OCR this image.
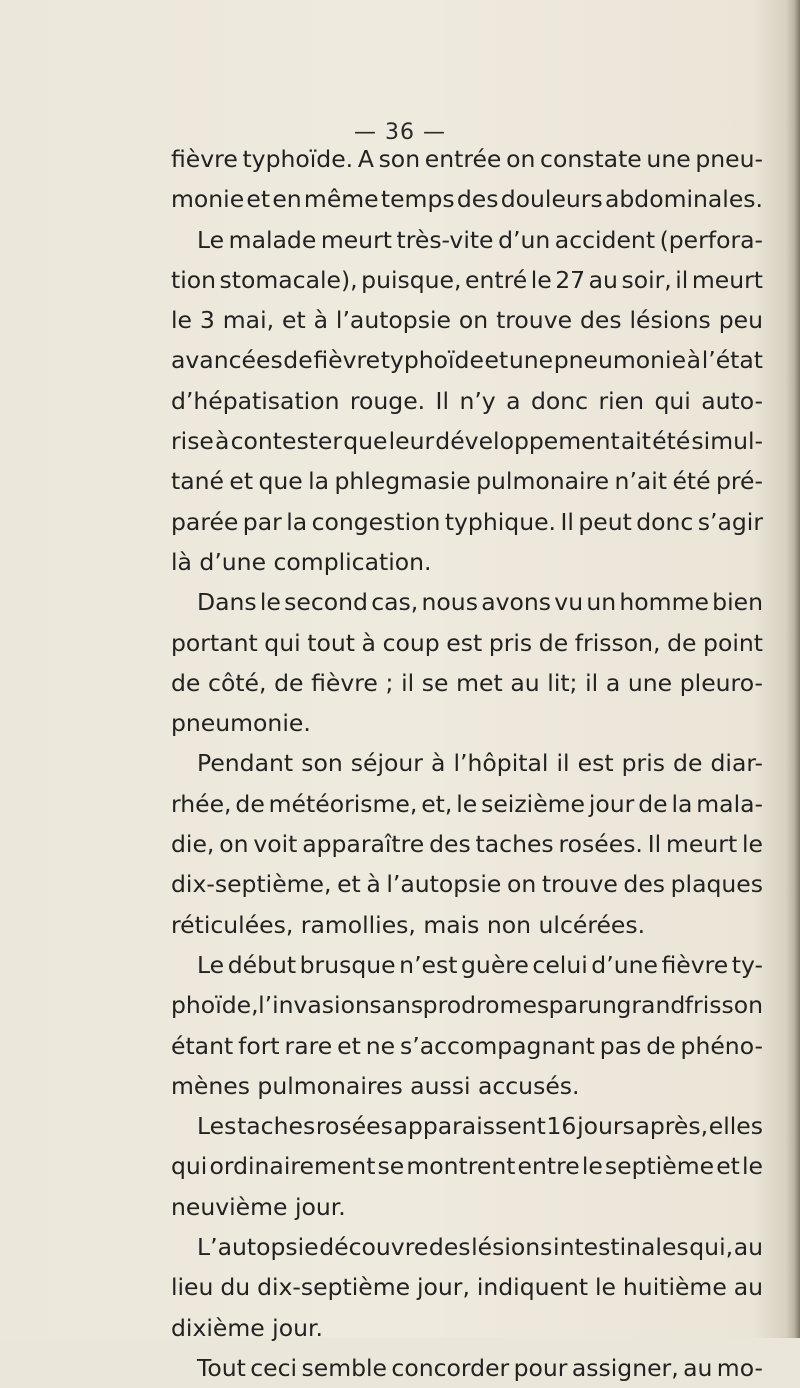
— 36 —
fièvre typhoïde. A son entrée on constate une pneu-
monie et en même temps des douleurs abdominales.
Le malade meurt très-vite d’un accident (perfora-
tion stomacale), puisque, entré le 27 au soir, il meurt
le 3 mai, et à l’autopsie on trouve des lésions peu
avancées de fièvre typhoïde et une pneumonie à l’état
d’hépatisation rouge. Il n’y a donc rien qui auto-
rise à contester que leur développement ait été simul-
tané et que la phlegmasie pulmonaire n’ait été pré-
parée par la congestion typhique. Il peut donc s’agir
là d’une complication.
Dans le second cas, nous avons vu un homme bien
portant qui tout à coup est pris de frisson, de point
de côté, de fièvre ; il se met au lit; il a une pleuro-
pneumonie.
Pendant son séjour à l’hôpital il est pris de diar-
rhée, de météorisme, et, le seizième jour de la mala-
die, on voit apparaître des taches rosées. Il meurt le
dix-septième, et à l’autopsie on trouve des plaques
réticulées, ramollies, mais non ulcérées.
Le début brusque n’est guère celui d’une fièvre ty-
phoïde, l’invasion sans prodromes par un grand frisson
étant fort rare et ne s’accompagnant pas de phéno-
mènes pulmonaires aussi accusés.
Les taches rosées apparaissent 16 jours après, elles
qui ordinairement se montrent entre le septième et le
neuvième jour.
L’autopsie découvre des lésions intestinales qui, au
lieu du dix-septième jour, indiquent le huitième au
dixième jour.
Tout ceci semble concorder pour assigner, au mo-
